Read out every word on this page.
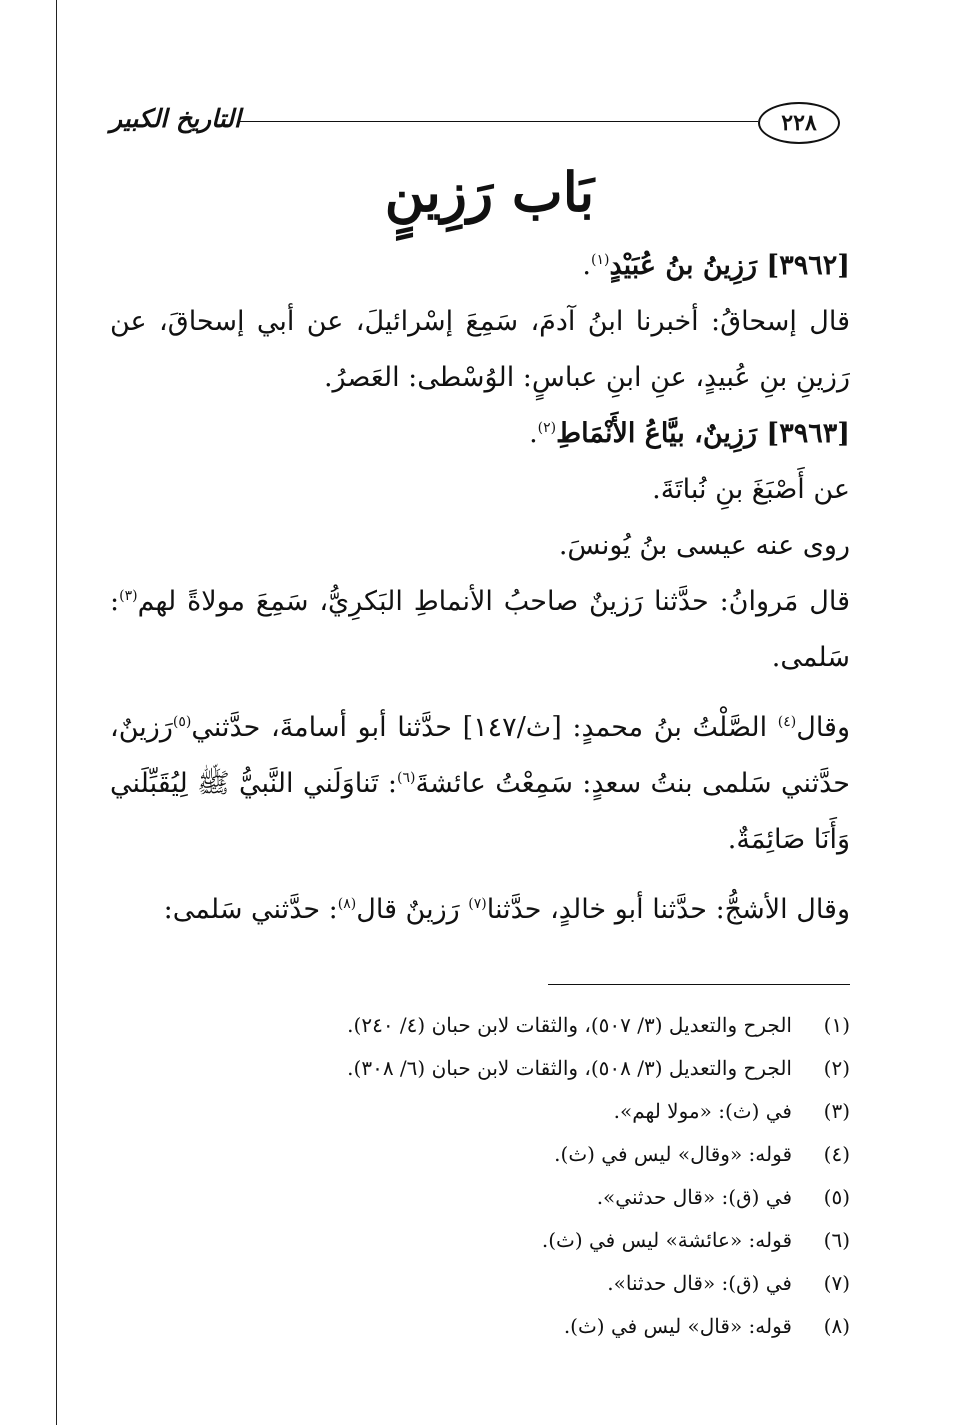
٢٢٨
التاريخ الكبير
بَاب رَزِينٍ

[٣٩٦٢] رَزِينُ بنُ عُبَيْدٍ$^{(١)}$.

قال إسحاقُ: أخبرنا ابنُ آدمَ، سَمِعَ إسْرائيلَ، عن أبي إسحاقَ، عن رَزينِ بنِ عُبيدٍ، عنِ ابنِ عباسٍ: الوُسْطى: العَصرُ.

[٣٩٦٣] رَزِينٌ، بيَّاعُ الأَنْمَاطِ$^{(٢)}$.

عن أَصْبَغَ بنِ نُباتَةَ.

روى عنه عيسى بنُ يُونسَ.

قال مَروانُ: حدَّثنا رَزينٌ صاحبُ الأنماطِ البَكرِيُّ، سَمِعَ مولاةً لهم$^{(٣)}$: سَلمى.

وقال$^{(٤)}$ الصَّلْتُ بنُ محمدٍ: [ث/١٤٧] حدَّثنا أبو أسامةَ، حدَّثني$^{(٥)}$رَزينٌ، حدَّثني سَلمى بنتُ سعدٍ: سَمِعْتُ عائشةَ$^{(٦)}$: تَناوَلَني النَّبيُّ ﷺ لِيُقَبِّلَني وَأَنَا صَائِمَةٌ.

وقال الأشجُّ: حدَّثنا أبو خالدٍ، حدَّثنا$^{(٧)}$ رَزينٌ قال$^{(٨)}$: حدَّثني سَلمى:

(١)
الجرح والتعديل (٣/ ٥٠٧)، والثقات لابن حبان (٤/ ٢٤٠).
(٢)
الجرح والتعديل (٣/ ٥٠٨)، والثقات لابن حبان (٦/ ٣٠٨).
(٣)
في (ث): «مولا لهم».
(٤)
قوله: «وقال» ليس في (ث).
(٥)
في (ق): «قال حدثني».
(٦)
قوله: «عائشة» ليس في (ث).
(٧)
في (ق): «قال حدثنا».
(٨)
قوله: «قال» ليس في (ث).
